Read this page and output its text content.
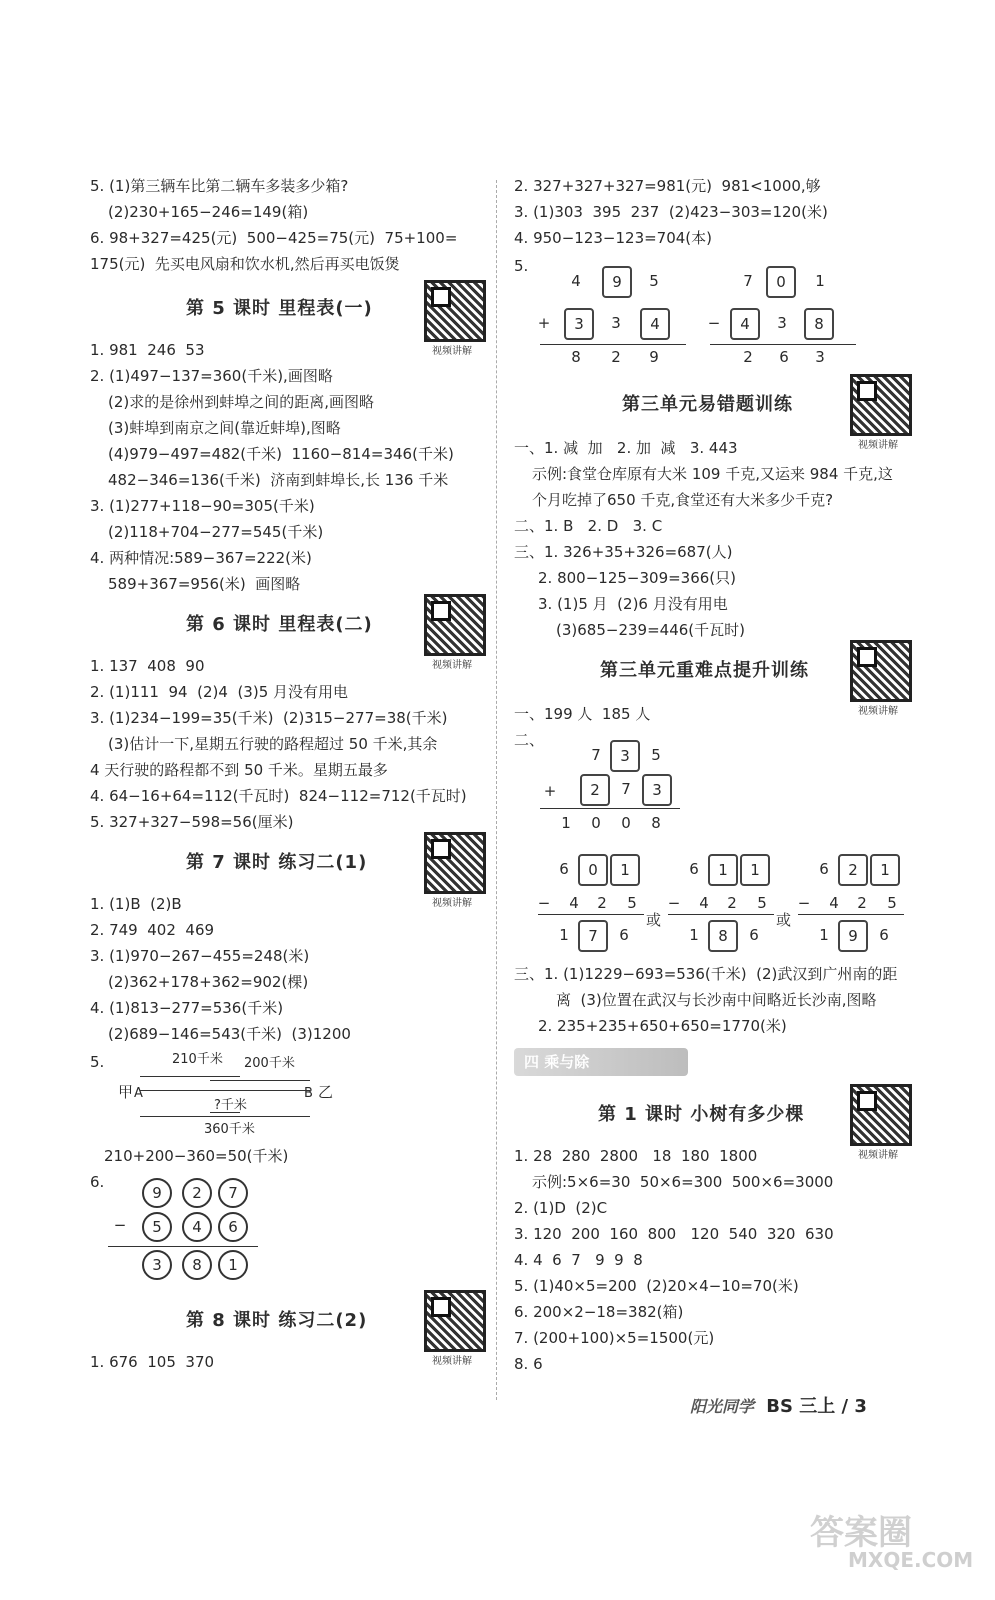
5. (1)第三辆车比第二辆车多装多少箱?
(2)230+165−246=149(箱)
6. 98+327=425(元)  500−425=75(元)  75+100=
175(元)  先买电风扇和饮水机,然后再买电饭煲
第 5 课时 里程表(一)
视频讲解
1. 981  246  53
2. (1)497−137=360(千米),画图略
(2)求的是徐州到蚌埠之间的距离,画图略
(3)蚌埠到南京之间(靠近蚌埠),图略
(4)979−497=482(千米)  1160−814=346(千米)
482−346=136(千米)  济南到蚌埠长,长 136 千米
3. (1)277+118−90=305(千米)
(2)118+704−277=545(千米)
4. 两种情况:589−367=222(米)
589+367=956(米)  画图略
第 6 课时 里程表(二)
视频讲解
1. 137  408  90
2. (1)111  94  (2)4  (3)5 月没有用电
3. (1)234−199=35(千米)  (2)315−277=38(千米)
(3)估计一下,星期五行驶的路程超过 50 千米,其余
4 天行驶的路程都不到 50 千米。星期五最多
4. 64−16+64=112(千瓦时)  824−112=712(千瓦时)
5. 327+327−598=56(厘米)
第 7 课时 练习二(1)
视频讲解
1. (1)B  (2)B
2. 749  402  469
3. (1)970−267−455=248(米)
(2)362+178+362=902(棵)
4. (1)813−277=536(千米)
(2)689−146=543(千米)  (3)1200
5.	210千米 200千米
甲 A	B 乙
?千米
360千米
210+200−360=50(千米)
6.
9	2	7
−	5	4	6
3	8	1
第 8 课时 练习二(2)
视频讲解
1. 676  105  370
2. 327+327+327=981(元)  981<1000,够
3. (1)303  395  237  (2)423−303=120(米)
4. 950−123−123=704(本)
5.
4	9	5
+	3	3	4
8	2	9
7	0	1
−	4	3	8
2	6	3
第三单元易错题训练
视频讲解
一、1. 减  加   2. 加  减   3. 443
示例:食堂仓库原有大米 109 千克,又运来 984 千克,这
个月吃掉了650 千克,食堂还有大米多少千克?
二、1. B   2. D   3. C
三、1. 326+35+326=687(人)
2. 800−125−309=366(只)
3. (1)5 月  (2)6 月没有用电
(3)685−239=446(千瓦时)
第三单元重难点提升训练
视频讲解
一、199 人  185 人
二、
7	3	5
+	2	7	3
1	0	0	8
6	0	1
−	4	2	5
1	7	6
或
6	1	1
−	4	2	5
1	8	6
或
6	2	1
−	4	2	5
1	9	6
三、1. (1)1229−693=536(千米)  (2)武汉到广州南的距
离  (3)位置在武汉与长沙南中间略近长沙南,图略
2. 235+235+650+650=1770(米)
四 乘与除
第 1 课时 小树有多少棵
视频讲解
1. 28  280  2800   18  180  1800
示例:5×6=30  50×6=300  500×6=3000
2. (1)D  (2)C
3. 120  200  160  800   120  540  320  630
4. 4  6  7   9  9  8
5. (1)40×5=200  (2)20×4−10=70(米)
6. 200×2−18=382(箱)
7. (200+100)×5=1500(元)
8. 6
阳光同学 BS 三上 / 3
答案圈
MXQE.COM
